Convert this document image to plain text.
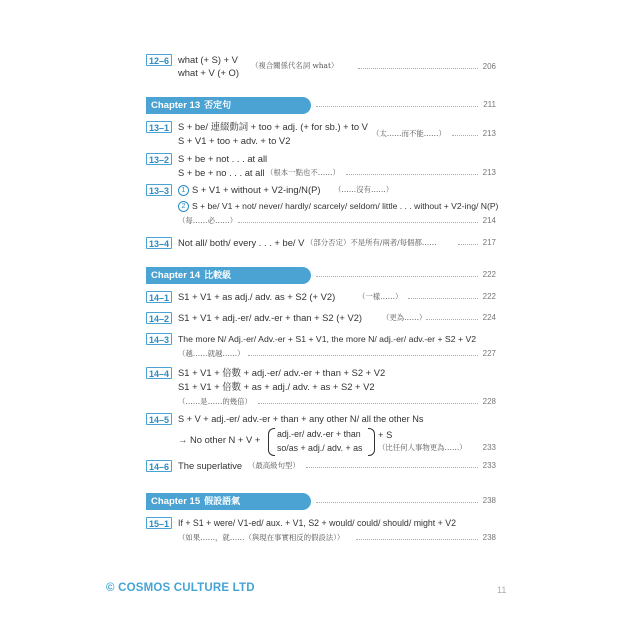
12–6 what (+ S) + V
what + V (+ O)
（複合關係代名詞 what）	206
Chapter 13 否定句	211
13–1 S + be/ 連綴動詞 + too + adj. (+ for sb.) + to V
S + V1 + too + adv. + to V2
（太……而不能……）	213
13–2 S + be + not . . . at all
S + be + no . . . at all （根本一點也不……）	213
13–3	1 S + V1 + without + V2-ing/N(P) （……沒有……）
2 S + be/ V1 + not/ never/ hardly/ scarcely/ seldom/ little . . . without + V2-ing/ N(P)
（每……必……）	214
13–4 Not all/ both/ every . . . + be/ V （部分否定）不是所有/兩者/每個都……	217
Chapter 14 比較級	222
14–1 S1 + V1 + as adj./ adv. as + S2 (+ V2)	（一樣……）	222
14–2 S1 + V1 + adj.-er/ adv.-er + than + S2 (+ V2)	（更為……）	224
14–3	The more N/ Adj.-er/ Adv.-er + S1 + V1, the more N/ adj.-er/ adv.-er + S2 + V2
（越……就越……）	227
14–4 S1 + V1 + 倍數 + adj.-er/ adv.-er + than + S2 + V2
S1 + V1 + 倍數 + as + adj./ adv. + as + S2 + V2
（……是……的幾倍）	228
14–5 S + V + adj.-er/ adv.-er + than + any other N/ all the other Ns
→ No other N + V + adj.-er/ adv.-er + than
so/as + adj./ adv. + as
+ S
（比任何人事物更為……） 233
14–6 The superlative （最高級句型）	233
Chapter 15 假設語氣	238
15–1	If + S1 + were/ V1-ed/ aux. + V1, S2 + would/ could/ should/ might + V2
（如果……，就……（與現在事實相反的假設法））	238
© COSMOS CULTURE LTD	11
